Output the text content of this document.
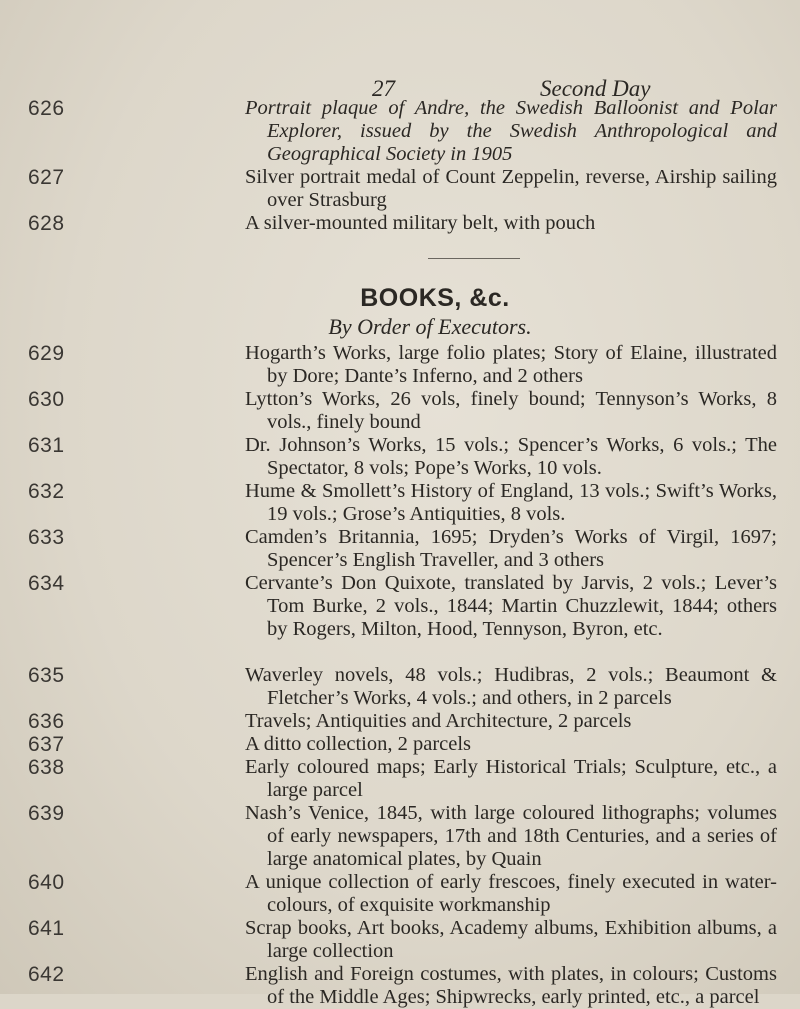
27	Second Day
626	Portrait plaque of Andre, the Swedish Balloonist and Polar Explorer, issued by the Swedish Anthropological and Geographical Society in 1905
627	Silver portrait medal of Count Zeppelin, reverse, Airship sailing over Strasburg
628	A silver-mounted military belt, with pouch
BOOKS, &c.
By Order of Executors.
629	Hogarth’s Works, large folio plates; Story of Elaine, illustrated by Dore; Dante’s Inferno, and 2 others
630	Lytton’s Works, 26 vols, finely bound; Tennyson’s Works, 8 vols., finely bound
631	Dr. Johnson’s Works, 15 vols.; Spencer’s Works, 6 vols.; The Spectator, 8 vols; Pope’s Works, 10 vols.
632	Hume & Smollett’s History of England, 13 vols.; Swift’s Works, 19 vols.; Grose’s Antiquities, 8 vols.
633	Camden’s Britannia, 1695; Dryden’s Works of Virgil, 1697; Spencer’s English Traveller, and 3 others
634	Cervante’s Don Quixote, translated by Jarvis, 2 vols.; Lever’s Tom Burke, 2 vols., 1844; Martin Chuzzlewit, 1844; others by Rogers, Milton, Hood, Tennyson, Byron, etc.
635	Waverley novels, 48 vols.; Hudibras, 2 vols.; Beaumont & Fletcher’s Works, 4 vols.; and others, in 2 parcels
636	Travels; Antiquities and Architecture, 2 parcels
637	A ditto collection, 2 parcels
638	Early coloured maps; Early Historical Trials; Sculpture, etc., a large parcel
639	Nash’s Venice, 1845, with large coloured lithographs; volumes of early newspapers, 17th and 18th Centuries, and a series of large anatomical plates, by Quain
640	A unique collection of early frescoes, finely executed in water-colours, of exquisite workmanship
641	Scrap books, Art books, Academy albums, Exhibition albums, a large collection
642	English and Foreign costumes, with plates, in colours; Customs of the Middle Ages; Shipwrecks, early printed, etc., a parcel
